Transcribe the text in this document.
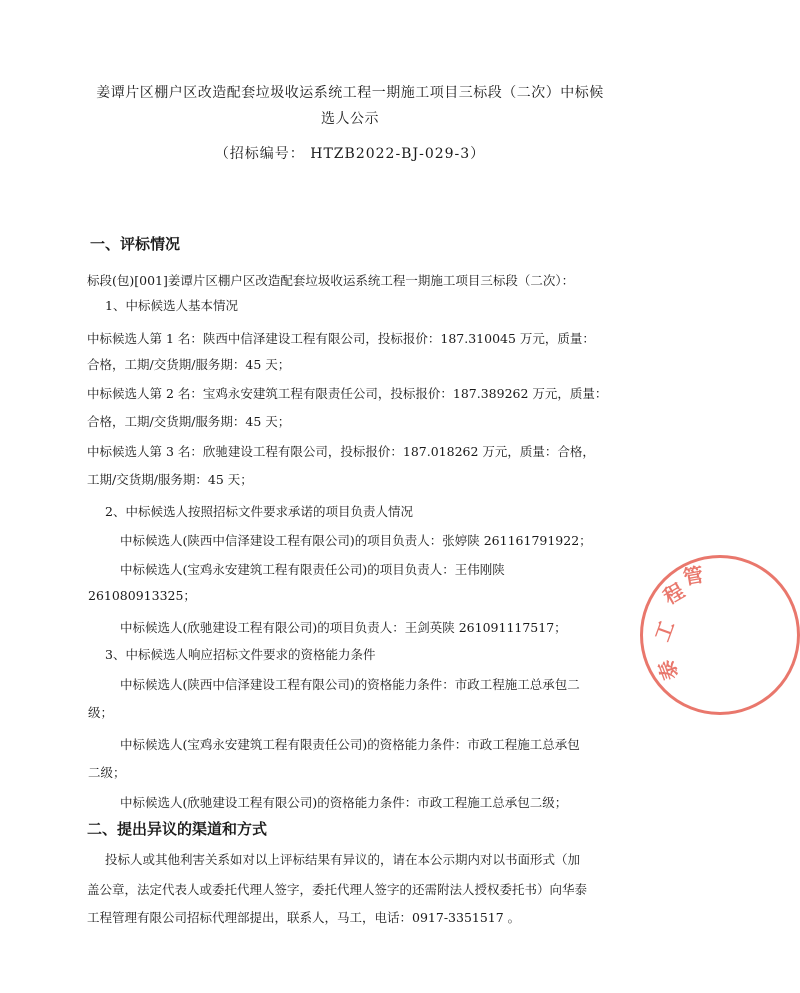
姜谭片区棚户区改造配套垃圾收运系统工程一期施工项目三标段（二次）中标候
选人公示
（招标编号： HTZB2022-BJ-029-3）
一、评标情况
标段(包)[001]姜谭片区棚户区改造配套垃圾收运系统工程一期施工项目三标段（二次）：
1、中标候选人基本情况
中标候选人第 1 名：陕西中信泽建设工程有限公司，投标报价：187.310045 万元，质量：
合格，工期/交货期/服务期：45 天；
中标候选人第 2 名：宝鸡永安建筑工程有限责任公司，投标报价：187.389262 万元，质量：
合格，工期/交货期/服务期：45 天；
中标候选人第 3 名：欣驰建设工程有限公司，投标报价：187.018262 万元，质量：合格，
工期/交货期/服务期：45 天；
2、中标候选人按照招标文件要求承诺的项目负责人情况
中标候选人(陕西中信泽建设工程有限公司)的项目负责人：张婷陕 261161791922；
中标候选人(宝鸡永安建筑工程有限责任公司)的项目负责人：王伟刚陕
261080913325；
中标候选人(欣驰建设工程有限公司)的项目负责人：王剑英陕 261091117517；
3、中标候选人响应招标文件要求的资格能力条件
中标候选人(陕西中信泽建设工程有限公司)的资格能力条件：市政工程施工总承包二
级；
中标候选人(宝鸡永安建筑工程有限责任公司)的资格能力条件：市政工程施工总承包
二级；
中标候选人(欣驰建设工程有限公司)的资格能力条件：市政工程施工总承包二级；
二、提出异议的渠道和方式
投标人或其他利害关系如对以上评标结果有异议的，请在本公示期内对以书面形式（加
盖公章，法定代表人或委托代理人签字，委托代理人签字的还需附法人授权委托书）向华泰
工程管理有限公司招标代理部提出，联系人，马工，电话：0917-3351517 。
程
工
泰
管
